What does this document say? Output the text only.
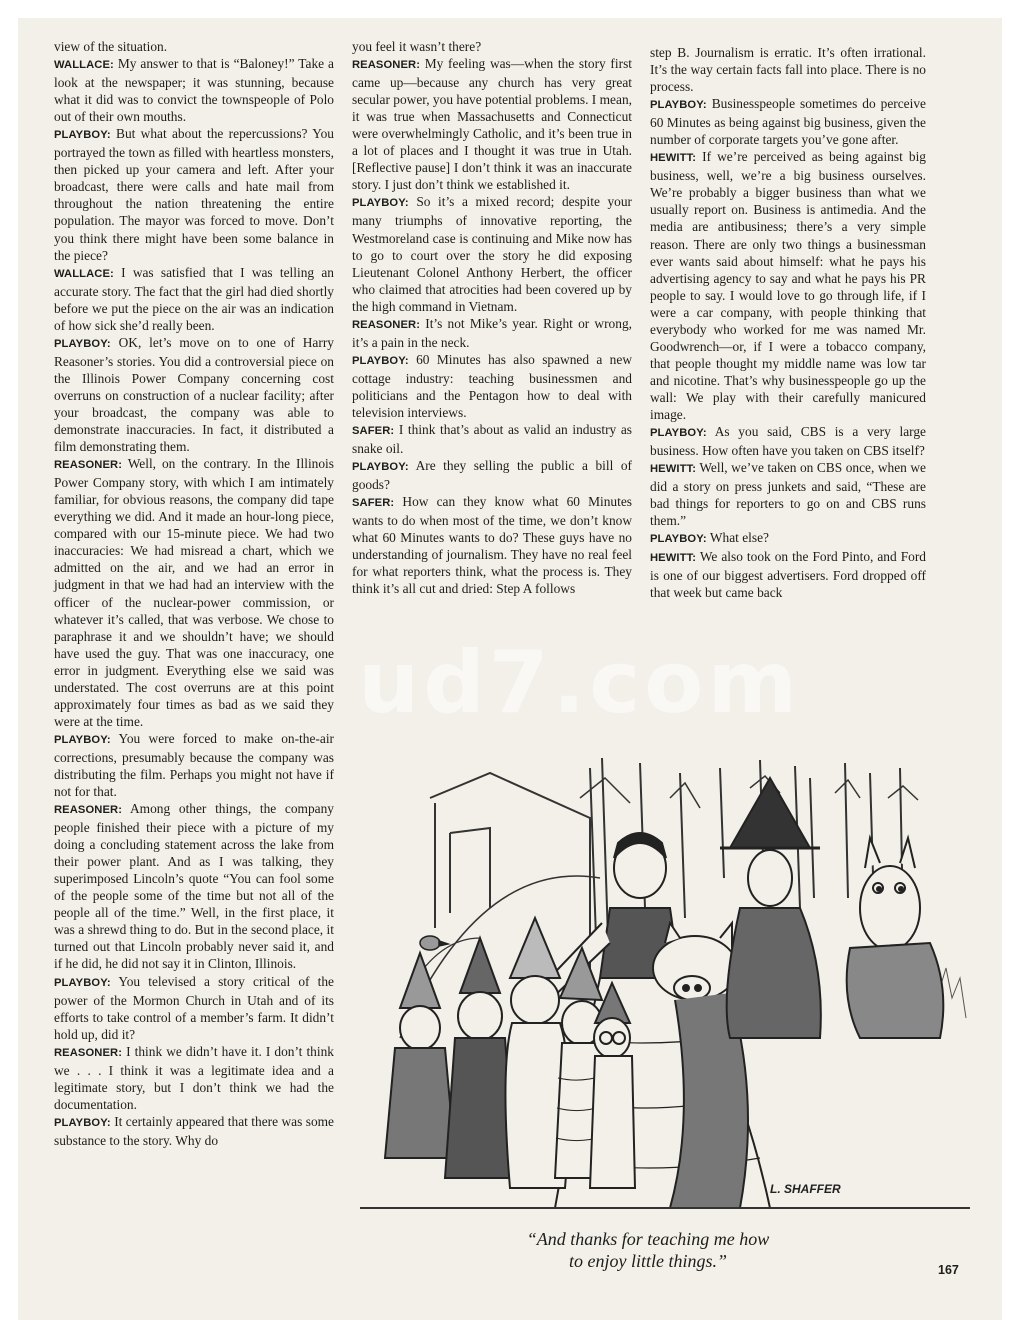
view of the situation.

WALLACE: My answer to that is “Baloney!” Take a look at the newspaper; it was stunning, because what it did was to convict the townspeople of Polo out of their own mouths.

PLAYBOY: But what about the repercussions? You portrayed the town as filled with heartless monsters, then picked up your camera and left. After your broadcast, there were calls and hate mail from throughout the nation threatening the entire population. The mayor was forced to move. Don’t you think there might have been some balance in the piece?

WALLACE: I was satisfied that I was telling an accurate story. The fact that the girl had died shortly before we put the piece on the air was an indication of how sick she’d really been.

PLAYBOY: OK, let’s move on to one of Harry Reasoner’s stories. You did a controversial piece on the Illinois Power Company concerning cost overruns on construction of a nuclear facility; after your broadcast, the company was able to demonstrate inaccuracies. In fact, it distributed a film demonstrating them.

REASONER: Well, on the contrary. In the Illinois Power Company story, with which I am intimately familiar, for obvious reasons, the company did tape everything we did. And it made an hour-long piece, compared with our 15-minute piece. We had two inaccuracies: We had misread a chart, which we admitted on the air, and we had an error in judgment in that we had had an interview with the officer of the nuclear-power commission, or whatever it’s called, that was verbose. We chose to paraphrase it and we shouldn’t have; we should have used the guy. That was one inaccuracy, one error in judgment. Everything else we said was understated. The cost overruns are at this point approximately four times as bad as we said they were at the time.

PLAYBOY: You were forced to make on-the-air corrections, presumably because the company was distributing the film. Perhaps you might not have if not for that.

REASONER: Among other things, the company people finished their piece with a picture of my doing a concluding statement across the lake from their power plant. And as I was talking, they superimposed Lincoln’s quote “You can fool some of the people some of the time but not all of the people all of the time.” Well, in the first place, it was a shrewd thing to do. But in the second place, it turned out that Lincoln probably never said it, and if he did, he did not say it in Clinton, Illinois.

PLAYBOY: You televised a story critical of the power of the Mormon Church in Utah and of its efforts to take control of a member’s farm. It didn’t hold up, did it?

REASONER: I think we didn’t have it. I don’t think we . . . I think it was a legitimate idea and a legitimate story, but I don’t think we had the documentation.

PLAYBOY: It certainly appeared that there was some substance to the story. Why do

you feel it wasn’t there?

REASONER: My feeling was—when the story first came up—because any church has very great secular power, you have potential problems. I mean, it was true when Massachusetts and Connecticut were overwhelmingly Catholic, and it’s been true in a lot of places and I thought it was true in Utah. [Reflective pause] I don’t think it was an inaccurate story. I just don’t think we established it.

PLAYBOY: So it’s a mixed record; despite your many triumphs of innovative reporting, the Westmoreland case is continuing and Mike now has to go to court over the story he did exposing Lieutenant Colonel Anthony Herbert, the officer who claimed that atrocities had been covered up by the high command in Vietnam.

REASONER: It’s not Mike’s year. Right or wrong, it’s a pain in the neck.

PLAYBOY: 60 Minutes has also spawned a new cottage industry: teaching businessmen and politicians and the Pentagon how to deal with television interviews.

SAFER: I think that’s about as valid an industry as snake oil.

PLAYBOY: Are they selling the public a bill of goods?

SAFER: How can they know what 60 Minutes wants to do when most of the time, we don’t know what 60 Minutes wants to do? These guys have no understanding of journalism. They have no real feel for what reporters think, what the process is. They think it’s all cut and dried: Step A follows

step B. Journalism is erratic. It’s often irrational. It’s the way certain facts fall into place. There is no process.

PLAYBOY: Businesspeople sometimes do perceive 60 Minutes as being against big business, given the number of corporate targets you’ve gone after.

HEWITT: If we’re perceived as being against big business, well, we’re a big business ourselves. We’re probably a bigger business than what we usually report on. Business is antimedia. And the media are antibusiness; there’s a very simple reason. There are only two things a businessman ever wants said about himself: what he pays his advertising agency to say and what he pays his PR people to say. I would love to go through life, if I were a car company, with people thinking that everybody who worked for me was named Mr. Goodwrench—or, if I were a tobacco company, that people thought my middle name was low tar and nicotine. That’s why businesspeople go up the wall: We play with their carefully manicured image.

PLAYBOY: As you said, CBS is a very large business. How often have you taken on CBS itself?

HEWITT: Well, we’ve taken on CBS once, when we did a story on press junkets and said, “These are bad things for reporters to go on and CBS runs them.”

PLAYBOY: What else?

HEWITT: We also took on the Ford Pinto, and Ford is one of our biggest advertisers. Ford dropped off that week but came back

ud7.com
L. SHAFFER
“And thanks for teaching me how
to enjoy little things.”	167
